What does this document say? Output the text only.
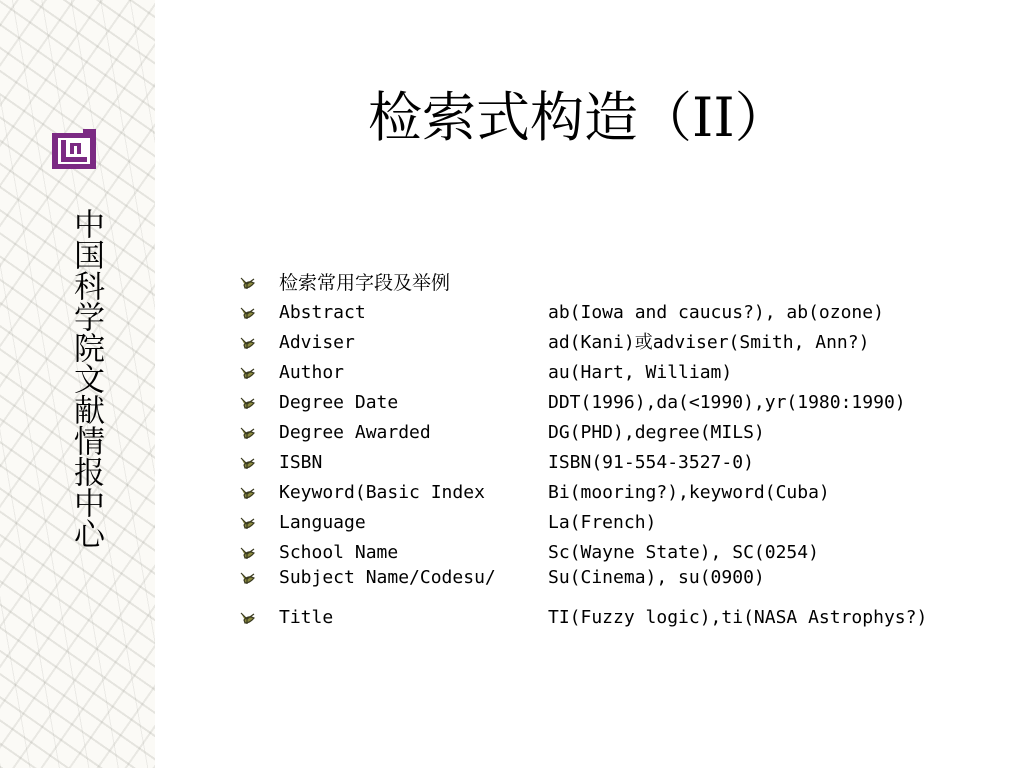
中国科学院文献情报中心
检索式构造（II）
检索常用字段及举例
Abstract	ab(Iowa and caucus?), ab(ozone)
Adviser	ad(Kani)或adviser(Smith, Ann?)
Author	au(Hart, William)
Degree Date	DDT(1996),da(<1990),yr(1980:1990)
Degree Awarded	DG(PHD),degree(MILS)
ISBN	ISBN(91-554-3527-0)
Keyword(Basic Index	Bi(mooring?),keyword(Cuba)
Language	La(French)
School Name	Sc(Wayne State), SC(0254)
Subject Name/Codesu/	Su(Cinema), su(0900)
Title	TI(Fuzzy logic),ti(NASA Astrophys?)
